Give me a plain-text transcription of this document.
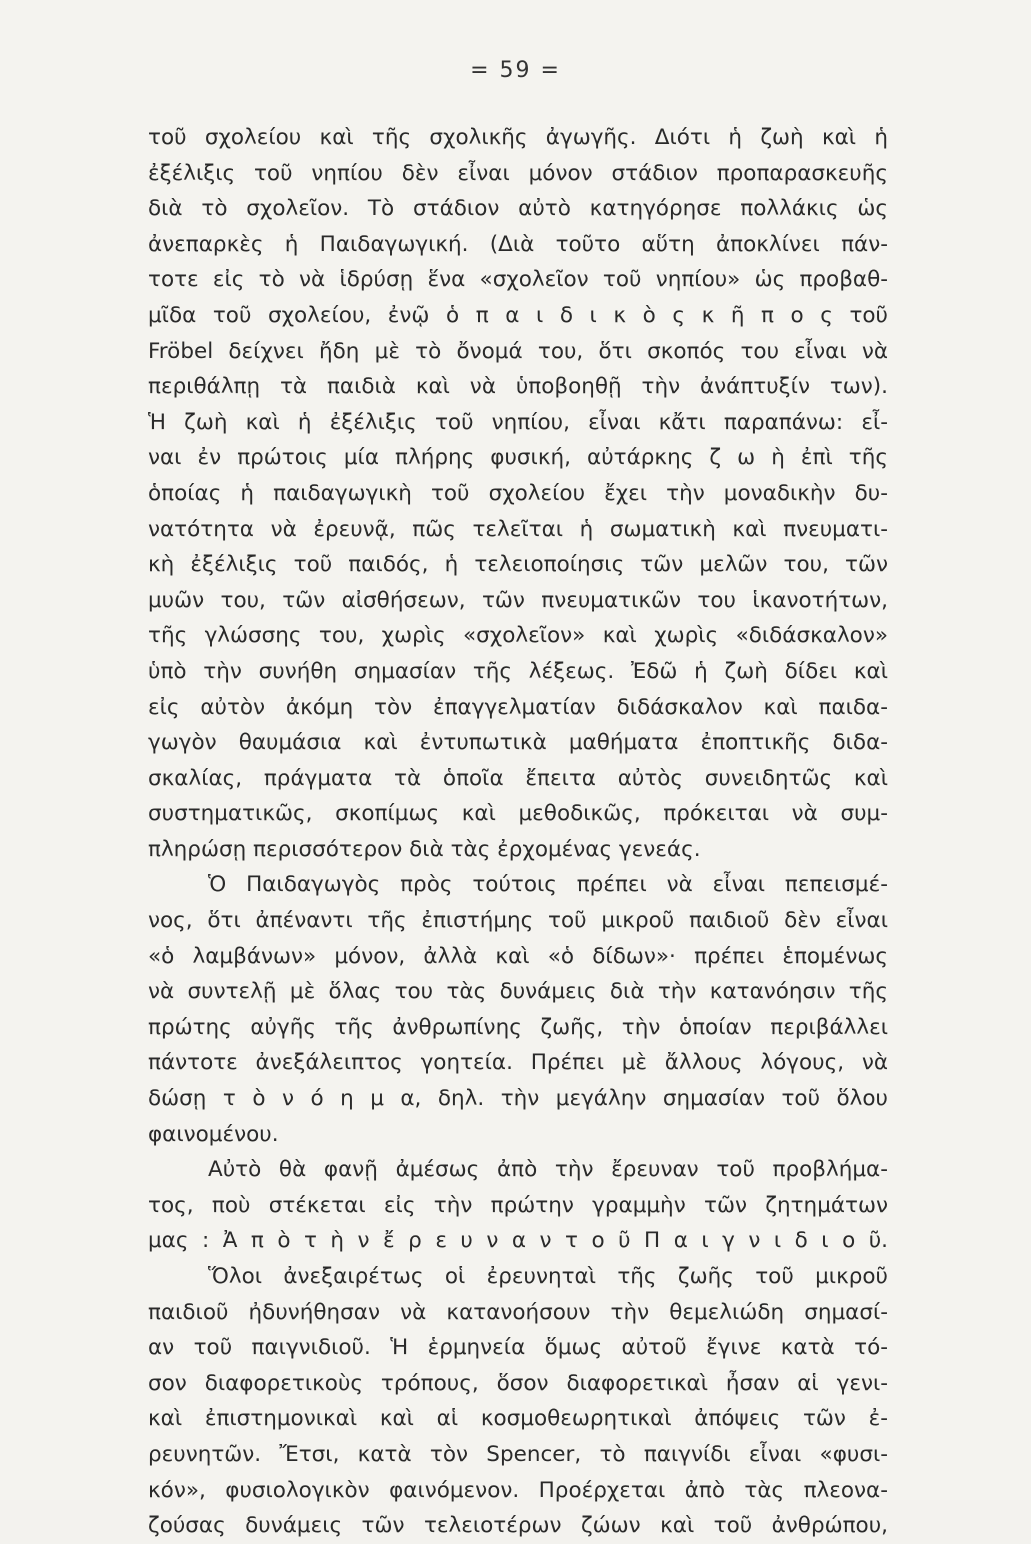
= 59 =
τοῦ σχολείου καὶ τῆς σχολικῆς ἀγωγῆς. Διότι ἡ ζωὴ καὶ ἡ
ἐξέλιξις τοῦ νηπίου δὲν εἶναι μόνον στάδιον προπαρασκευῆς
διὰ τὸ σχολεῖον. Τὸ στάδιον αὐτὸ κατηγόρησε πολλάκις ὡς
ἀνεπαρκὲς ἡ Παιδαγωγική. (Διὰ τοῦτο αὕτη ἀποκλίνει πάν-
τοτε εἰς τὸ νὰ ἱδρύσῃ ἕνα «σχολεῖον τοῦ νηπίου» ὡς προβαθ-
μῖδα τοῦ σχολείου, ἐνῷ ὁ π α ι δ ι κ ὸ ς κ ῆ π ο ς τοῦ
Fröbel δείχνει ἤδη μὲ τὸ ὄνομά του, ὅτι σκοπός του εἶναι νὰ
περιθάλπῃ τὰ παιδιὰ καὶ νὰ ὑποβοηθῇ τὴν ἀνάπτυξίν των).
Ἡ ζωὴ καὶ ἡ ἐξέλιξις τοῦ νηπίου, εἶναι κἄτι παραπάνω: εἶ-
ναι ἐν πρώτοις μία πλήρης φυσική, αὐτάρκης ζ ω ὴ ἐπὶ τῆς
ὁποίας ἡ παιδαγωγικὴ τοῦ σχολείου ἔχει τὴν μοναδικὴν δυ-
νατότητα νὰ ἐρευνᾷ, πῶς τελεῖται ἡ σωματικὴ καὶ πνευματι-
κὴ ἐξέλιξις τοῦ παιδός, ἡ τελειοποίησις τῶν μελῶν του, τῶν
μυῶν του, τῶν αἰσθήσεων, τῶν πνευματικῶν του ἱκανοτήτων,
τῆς γλώσσης του, χωρὶς «σχολεῖον» καὶ χωρὶς «διδάσκαλον»
ὑπὸ τὴν συνήθη σημασίαν τῆς λέξεως. Ἐδῶ ἡ ζωὴ δίδει καὶ
εἰς αὐτὸν ἀκόμη τὸν ἐπαγγελματίαν διδάσκαλον καὶ παιδα-
γωγὸν θαυμάσια καὶ ἐντυπωτικὰ μαθήματα ἐποπτικῆς διδα-
σκαλίας, πράγματα τὰ ὁποῖα ἔπειτα αὐτὸς συνειδητῶς καὶ
συστηματικῶς, σκοπίμως καὶ μεθοδικῶς, πρόκειται νὰ συμ-
πληρώσῃ περισσότερον διὰ τὰς ἐρχομένας γενεάς.
Ὁ Παιδαγωγὸς πρὸς τούτοις πρέπει νὰ εἶναι πεπεισμέ-
νος, ὅτι ἀπέναντι τῆς ἐπιστήμης τοῦ μικροῦ παιδιοῦ δὲν εἶναι
«ὁ λαμβάνων» μόνον, ἀλλὰ καὶ «ὁ δίδων»· πρέπει ἑπομένως
νὰ συντελῇ μὲ ὅλας του τὰς δυνάμεις διὰ τὴν κατανόησιν τῆς
πρώτης αὐγῆς τῆς ἀνθρωπίνης ζωῆς, τὴν ὁποίαν περιβάλλει
πάντοτε ἀνεξάλειπτος γοητεία. Πρέπει μὲ ἄλλους λόγους, νὰ
δώσῃ τ ὸ ν ό η μ α, δηλ. τὴν μεγάλην σημασίαν τοῦ ὅλου
φαινομένου.
Αὐτὸ θὰ φανῇ ἀμέσως ἀπὸ τὴν ἔρευναν τοῦ προβλήμα-
τος, ποὺ στέκεται εἰς τὴν πρώτην γραμμὴν τῶν ζητημάτων
μας : Ἀ π ὸ τ ὴ ν ἔ ρ ε υ ν α ν τ ο ῦ Π α ι γ ν ι δ ι ο ῦ.
Ὅλοι ἀνεξαιρέτως οἱ ἐρευνηταὶ τῆς ζωῆς τοῦ μικροῦ
παιδιοῦ ἠδυνήθησαν νὰ κατανοήσουν τὴν θεμελιώδη σημασί-
αν τοῦ παιγνιδιοῦ. Ἡ ἑρμηνεία ὅμως αὐτοῦ ἔγινε κατὰ τό-
σον διαφορετικοὺς τρόπους, ὅσον διαφορετικαὶ ἦσαν αἱ γενι-
καὶ ἐπιστημονικαὶ καὶ αἱ κοσμοθεωρητικαὶ ἀπόψεις τῶν ἐ-
ρευνητῶν. Ἔτσι, κατὰ τὸν Spencer, τὸ παιγνίδι εἶναι «φυσι-
κόν», φυσιολογικὸν φαινόμενον. Προέρχεται ἀπὸ τὰς πλεονα-
ζούσας δυνάμεις τῶν τελειοτέρων ζώων καὶ τοῦ ἀνθρώπου,
